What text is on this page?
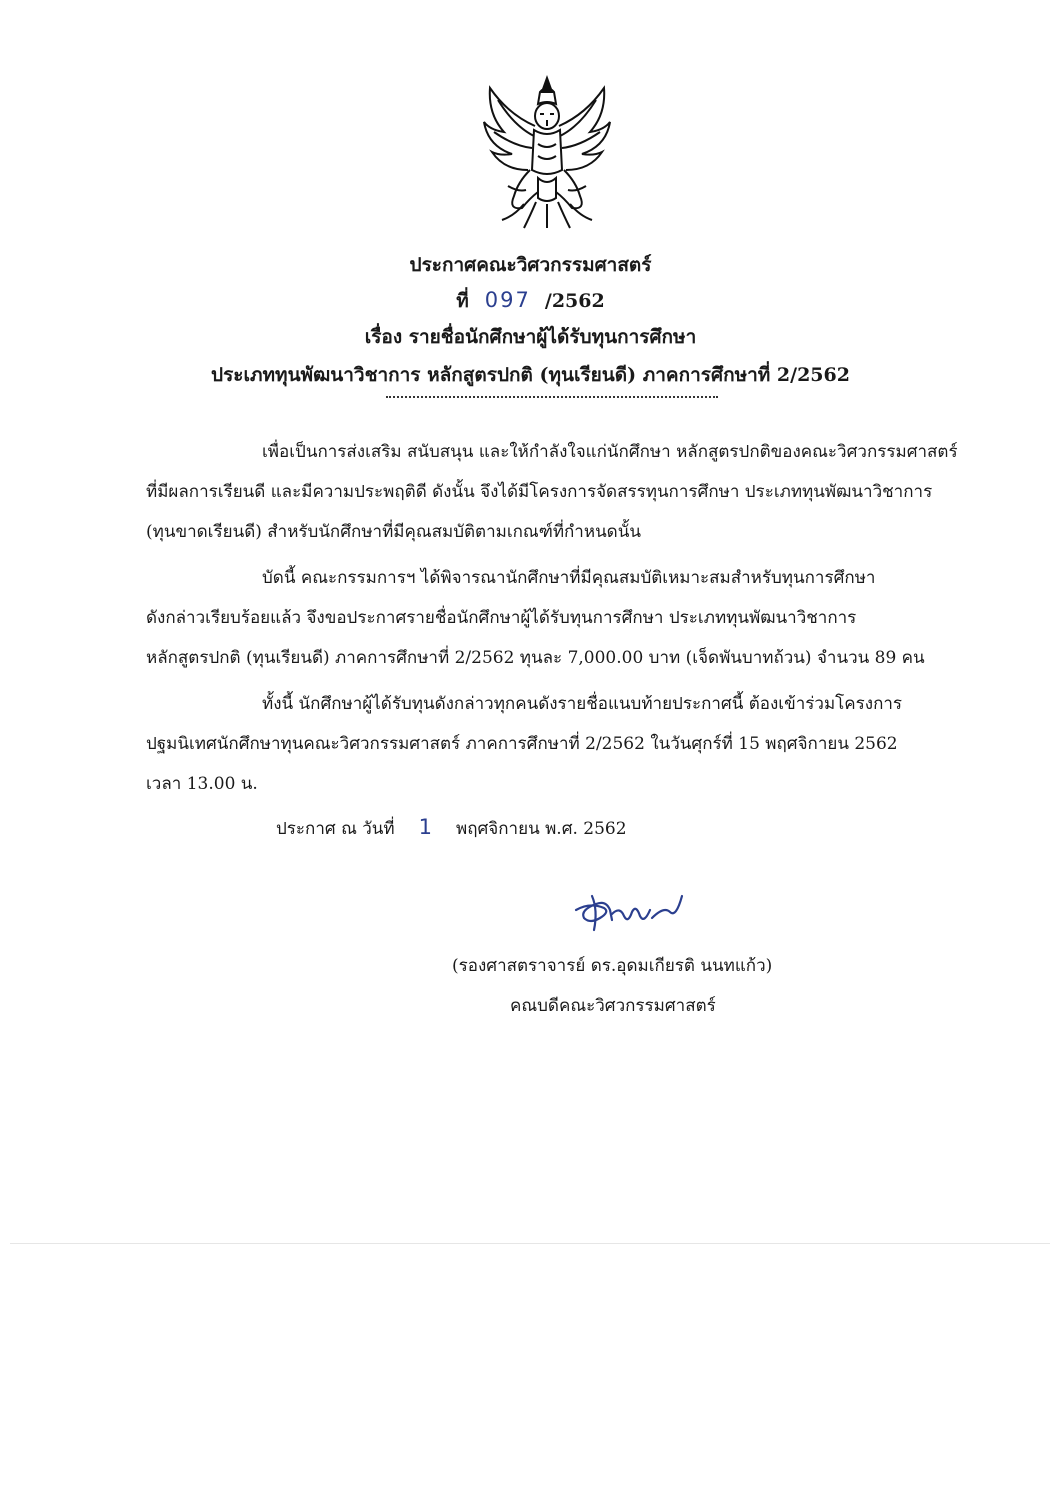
ประกาศคณะวิศวกรรมศาสตร์
ที่ 097 /2562
เรื่อง รายชื่อนักศึกษาผู้ได้รับทุนการศึกษา
ประเภททุนพัฒนาวิชาการ หลักสูตรปกติ (ทุนเรียนดี) ภาคการศึกษาที่ 2/2562
เพื่อเป็นการส่งเสริม สนับสนุน และให้กำลังใจแก่นักศึกษา หลักสูตรปกติของคณะวิศวกรรมศาสตร์
ที่มีผลการเรียนดี และมีความประพฤติดี ดังนั้น จึงได้มีโครงการจัดสรรทุนการศึกษา ประเภททุนพัฒนาวิชาการ
(ทุนขาดเรียนดี) สำหรับนักศึกษาที่มีคุณสมบัติตามเกณฑ์ที่กำหนดนั้น
บัดนี้ คณะกรรมการฯ ได้พิจารณานักศึกษาที่มีคุณสมบัติเหมาะสมสำหรับทุนการศึกษา
ดังกล่าวเรียบร้อยแล้ว จึงขอประกาศรายชื่อนักศึกษาผู้ได้รับทุนการศึกษา ประเภททุนพัฒนาวิชาการ
หลักสูตรปกติ (ทุนเรียนดี) ภาคการศึกษาที่ 2/2562 ทุนละ 7,000.00 บาท (เจ็ดพันบาทถ้วน) จำนวน 89 คน
ทั้งนี้ นักศึกษาผู้ได้รับทุนดังกล่าวทุกคนดังรายชื่อแนบท้ายประกาศนี้ ต้องเข้าร่วมโครงการ
ปฐมนิเทศนักศึกษาทุนคณะวิศวกรรมศาสตร์ ภาคการศึกษาที่ 2/2562 ในวันศุกร์ที่ 15 พฤศจิกายน 2562
เวลา 13.00 น.
ประกาศ ณ วันที่ 1 พฤศจิกายน พ.ศ. 2562
(รองศาสตราจารย์ ดร.อุดมเกียรติ นนทแก้ว)
คณบดีคณะวิศวกรรมศาสตร์
